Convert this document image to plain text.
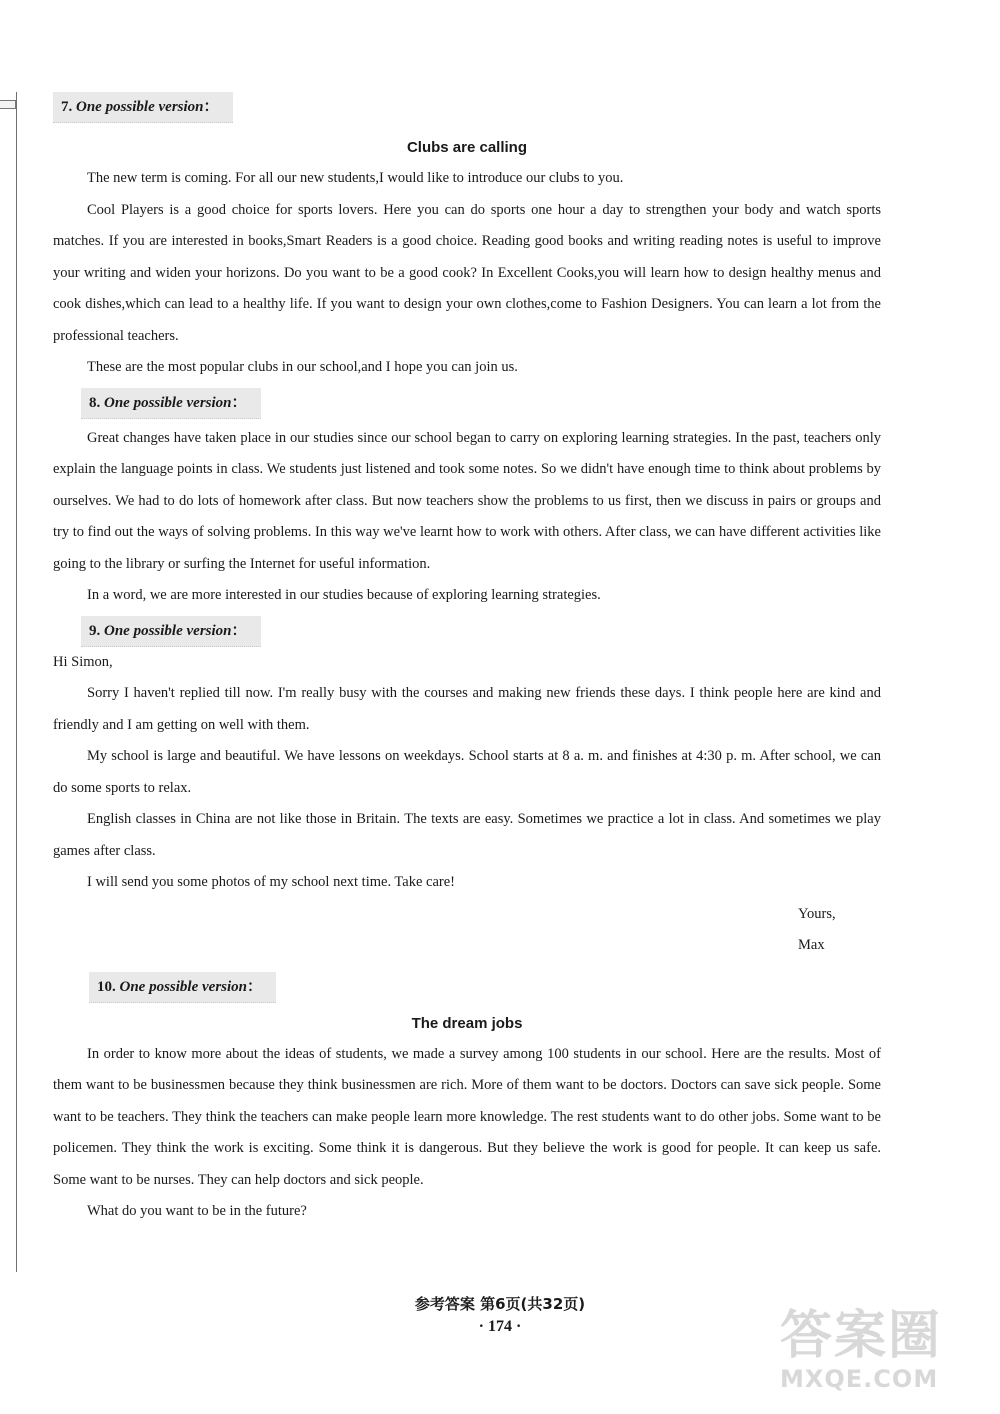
7. One possible version：
Clubs are calling
The new term is coming. For all our new students,I would like to introduce our clubs to you.
Cool Players is a good choice for sports lovers. Here you can do sports one hour a day to strengthen your body and watch sports matches. If you are interested in books,Smart Readers is a good choice. Reading good books and writing reading notes is useful to improve your writing and widen your horizons. Do you want to be a good cook? In Excellent Cooks,you will learn how to design healthy menus and cook dishes,which can lead to a healthy life. If you want to design your own clothes,come to Fashion Designers. You can learn a lot from the professional teachers.
These are the most popular clubs in our school,and I hope you can join us.
8. One possible version：
Great changes have taken place in our studies since our school began to carry on exploring learning strategies. In the past, teachers only explain the language points in class. We students just listened and took some notes. So we didn't have enough time to think about problems by ourselves. We had to do lots of homework after class. But now teachers show the problems to us first, then we discuss in pairs or groups and try to find out the ways of solving problems. In this way we've learnt how to work with others. After class, we can have different activities like going to the library or surfing the Internet for useful information.
In a word, we are more interested in our studies because of exploring learning strategies.
9. One possible version：
Hi Simon,
Sorry I haven't replied till now. I'm really busy with the courses and making new friends these days. I think people here are kind and friendly and I am getting on well with them.
My school is large and beautiful. We have lessons on weekdays. School starts at 8 a. m. and finishes at 4:30 p. m. After school, we can do some sports to relax.
English classes in China are not like those in Britain. The texts are easy. Sometimes we practice a lot in class. And sometimes we play games after class.
I will send you some photos of my school next time. Take care!
Yours,
Max
10. One possible version：
The dream jobs
In order to know more about the ideas of students, we made a survey among 100 students in our school. Here are the results. Most of them want to be businessmen because they think businessmen are rich. More of them want to be doctors. Doctors can save sick people. Some want to be teachers. They think the teachers can make people learn more knowledge. The rest students want to do other jobs. Some want to be policemen. They think the work is exciting. Some think it is dangerous. But they believe the work is good for people. It can keep us safe. Some want to be nurses. They can help doctors and sick people.
What do you want to be in the future?
参考答案 第6页(共32页)
· 174 ·	答案圈
MXQE.COM
